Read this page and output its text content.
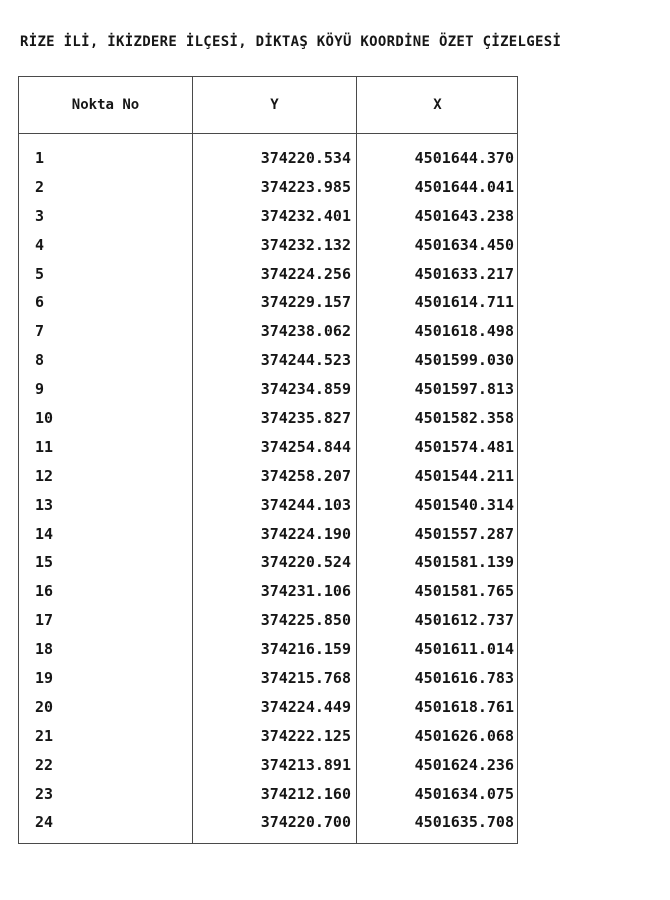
RİZE İLİ, İKİZDERE İLÇESİ, DİKTAŞ KÖYÜ KOORDİNE ÖZET ÇİZELGESİ
Nokta No	Y	X
1	374220.534	4501644.370
2	374223.985	4501644.041
3	374232.401	4501643.238
4	374232.132	4501634.450
5	374224.256	4501633.217
6	374229.157	4501614.711
7	374238.062	4501618.498
8	374244.523	4501599.030
9	374234.859	4501597.813
10	374235.827	4501582.358
11	374254.844	4501574.481
12	374258.207	4501544.211
13	374244.103	4501540.314
14	374224.190	4501557.287
15	374220.524	4501581.139
16	374231.106	4501581.765
17	374225.850	4501612.737
18	374216.159	4501611.014
19	374215.768	4501616.783
20	374224.449	4501618.761
21	374222.125	4501626.068
22	374213.891	4501624.236
23	374212.160	4501634.075
24	374220.700	4501635.708
